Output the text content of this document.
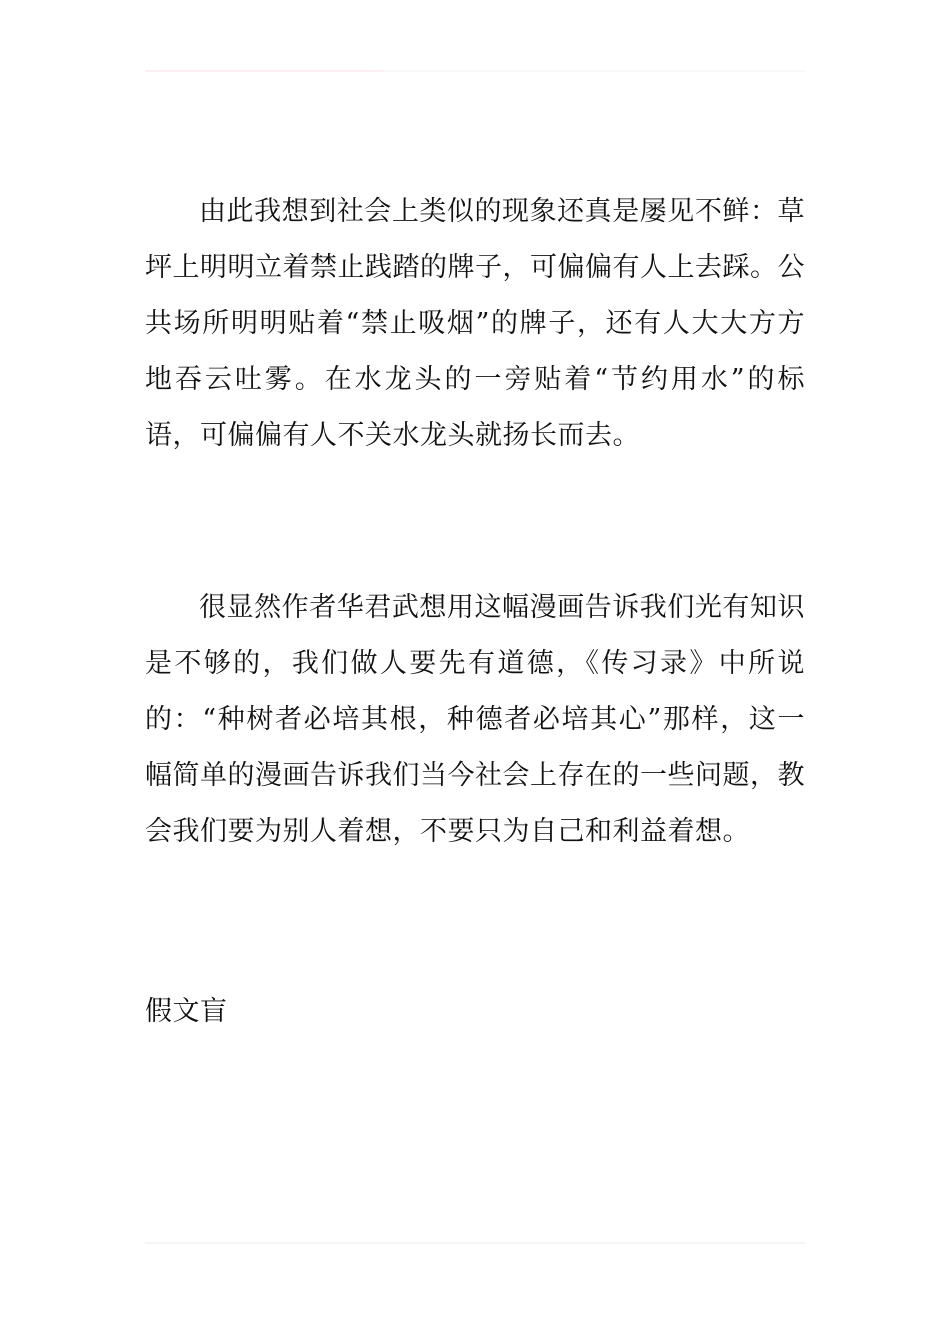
由此我想到社会上类似的现象还真是屡见不鲜：草坪上明明立着禁止践踏的牌子，可偏偏有人上去踩。公共场所明明贴着“禁止吸烟”的牌子，还有人大大方方地吞云吐雾。在水龙头的一旁贴着“节约用水”的标语，可偏偏有人不关水龙头就扬长而去。

很显然作者华君武想用这幅漫画告诉我们光有知识是不够的，我们做人要先有道德，《传习录》中所说的：“种树者必培其根，种德者必培其心”那样，这一幅简单的漫画告诉我们当今社会上存在的一些问题，教会我们要为别人着想，不要只为自己和利益着想。

假文盲
